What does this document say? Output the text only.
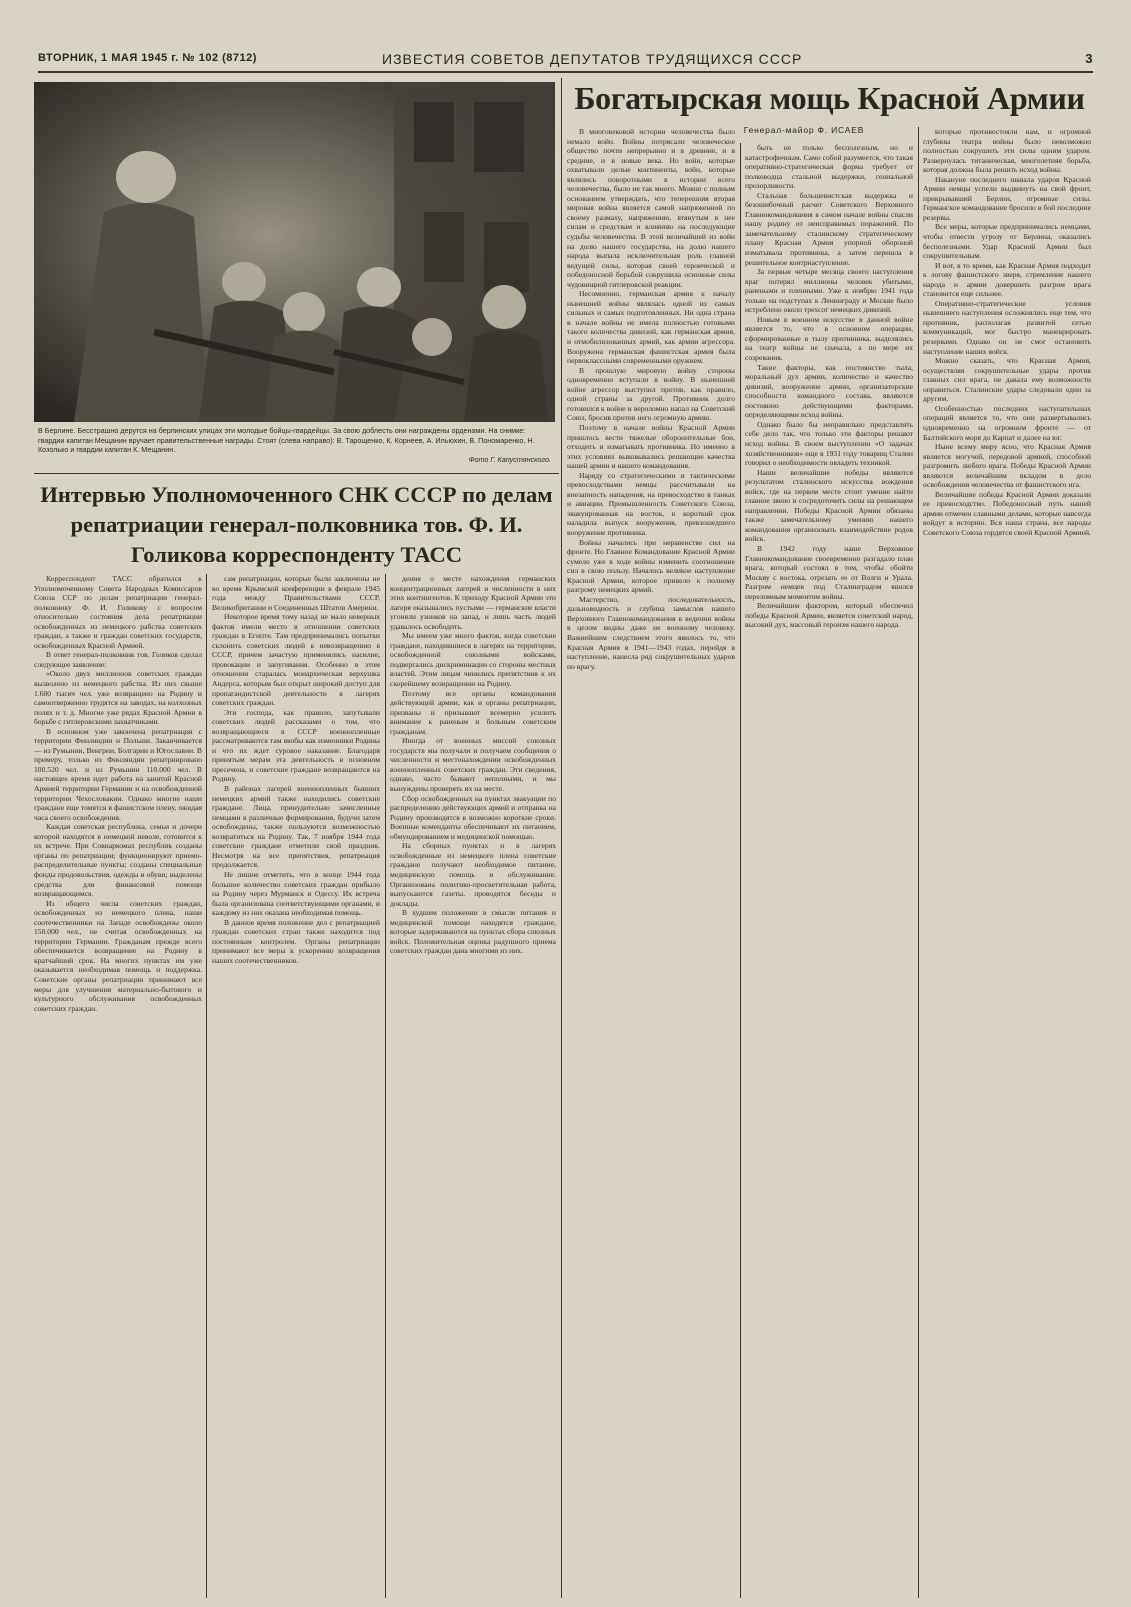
ВТОРНИК, 1 МАЯ 1945 г. № 102 (8712)	ИЗВЕСТИЯ СОВЕТОВ ДЕПУТАТОВ ТРУДЯЩИХСЯ СССР	3
В Берлине. Бесстрашно дерутся на берлинских улицах эти молодые бойцы-гвардейцы. За свою доблесть они награждены орденами. На снимке: гвардии капитан Мещанин вручает правительственные награды. Стоят (слева направо): В. Тарощенко, К. Корнеев, А. Ильюхин, В. Пономаренко, Н. Козолько и гвардии капитан К. Мещанин.
Фото Г. Капустянского.
Интервью Уполномоченного СНК СССР по делам репатриации генерал-полковника тов. Ф. И. Голикова корреспонденту ТАСС

Корреспондент ТАСС обратился к Уполномоченному Совета Народных Комиссаров Союза ССР по делам репатриации генерал-полковнику Ф. И. Голикову с вопросом относительно состояния дела репатриации освобожденных из немецкого рабства советских граждан, а также и граждан советских государств, освобожденных Красной Армией.

В ответ генерал-полковник тов. Голиков сделал следующее заявление:

«Около двух миллионов советских граждан вызволено из немецкого рабства. Из них свыше 1.600 тысяч чел. уже возвращено на Родину и самоотверженно трудятся на заводах, на колхозных полях и т. д. Многие уже рядах Красной Армии в борьбе с гитлеровскими захватчиками.

В основном уже закончена репатриация с территории Финляндии и Польши. Заканчивается — из Румынии, Венгрии, Болгарии и Югославии. В примеру, только из Финляндии репатриировано 100.520 чел. и из Румынии 110.000 чел. В настоящее время идет работа на занятой Красной Армией территории Германии и на освобожденной территории Чехословакии. Однако многие наши граждане еще томятся в фашистском плену, ожидая часа своего освобождения.

Каждая советская республика, семьи и дочери которой находятся в немецкой неволе, готовится к их встрече. При Совнаркомах республик созданы органы по репатриации; функционируют приемо-распределительные пункты; созданы специальные фонды продовольствия, одежды и обуви; выделены средства для финансовой помощи возвращающимся.

Из общего числа советских граждан, освобожденных из немецкого плена, наши соотечественники на Западе освобождены около 150.000 чел., не считая освобожденных на территории Германии. Гражданам прежде всего обеспечивается возвращение на Родину в кратчайший срок. На многих пунктах им уже оказывается необходимая помощь и поддержка. Советские органы репатриации принимают все меры для улучшения материально-бытового и культурного обслуживания освобожденных советских граждан.

сам репатриации, которые были заключены не во время Крымской конференции в феврале 1945 года между Правительствами СССР, Великобритании и Соединенных Штатов Америки.

Некоторое время тому назад не мало неверных фактов имели место в отношении советских граждан в Египте. Там предпринимались попытки склонить советских людей к невозвращению в СССР, причем зачастую применялись насилие, провокации и запугивания. Особенно в этом отношении старалась монархическая верхушка Андерса, которым был открыт широкий доступ для пропагандистской деятельности в лагерях советских граждан.

Эти господа, как правило, запутывали советских людей рассказами о том, что возвращающиеся в СССР военнопленные рассматриваются там якобы как изменники Родины и что их ждет суровое наказание. Благодаря принятым мерам эта деятельность в основном пресечена, и советские граждане возвращаются на Родину.

В районах лагерей военнопленных бывших немецких армий также находились советские граждане. Лица, принудительно зачисленные немцами в различные формирования, будучи затем освобождены, также пользуются возможностью возвратиться на Родину. Так, 7 ноября 1944 года советские граждане отметили свой праздник. Несмотря на все препятствия, репатриация продолжается.

Не лишне отметить, что в конце 1944 года большое количество советских граждан прибыло на Родину через Мурманск и Одессу. Их встреча была организована соответствующими органами, и каждому из них оказана необходимая помощь.

В данное время положение дел с репатриацией граждан советских стран также находится под постоянным контролем. Органы репатриации принимают все меры к ускорению возвращения наших соотечественников.

дения о месте нахождения германских концентрационных лагерей и численности в них этих контингентов. К приходу Красной Армии эти лагеря оказывались пустыми — германские власти угоняли узников на запад, и лишь часть людей удавалось освободить.

Мы имеем уже много фактов, когда советские граждане, находившиеся в лагерях на территории, освобожденной союзными войсками, подвергались дискриминации со стороны местных властей. Этим лицам чинились препятствия к их скорейшему возвращению на Родину.

Поэтому все органы командования действующей армии, как и органы репатриации, призваны и призывают всемерно усилить внимание к раненым и больным советским гражданам.

Иногда от военных миссий союзных государств мы получали и получаем сообщения о численности и местонахождении освобожденных военнопленных советских граждан. Эти сведения, однако, часто бывают неполными, и мы вынуждены проверять их на месте.

Сбор освобожденных на пунктах эвакуации по распределению действующих армий и отправка на Родину производятся в возможно короткие сроки. Военные коменданты обеспечивают их питанием, обмундированием и медицинской помощью.

На сборных пунктах и в лагерях освобожденные из немецкого плена советские граждане получают необходимое питание, медицинскую помощь и обслуживание. Организована политико-просветительная работа, выпускаются газеты, проводятся беседы и доклады.

В худшем положении в смысле питания и медицинской помощи находятся граждане, которые задерживаются на пунктах сбора союзных войск. Положительная оценка радушного приема советских граждан дана многими из них.

Богатырская мощь Красной Армии
Генерал-майор Ф. ИСАЕВ

В многовековой истории человечества было немало войн. Войны потрясали человеческое общество почти непрерывно и в древние, и в средние, и в новые века. Но войн, которые охватывали целые континенты, войн, которые являлись поворотными в истории всего человечества, было не так много. Можно с полным основанием утверждать, что теперешняя вторая мировая война является самой напряженной по своему размаху, напряжению, втянутым в нее силам и средствам и влиянию на последующие судьбы человечества. В этой величайшей из войн на долю нашего государства, на долю нашего народа выпала исключительная роль главной ведущей силы, которая своей героической и победоносной борьбой сокрушила основные силы чудовищной гитлеровской реакции.

Несомненно, германская армия к началу нынешней войны являлась одной из самых сильных и самых подготовленных. Ни одна страна в начале войны не имела полностью готовыми такого количества дивизий, как германская армия, и отмобилизованных армий, как армии агрессора. Вооружена германская фашистская армия была первоклассными современными оружием.

В прошлую мировую войну стороны одновременно вступали в войну. В нынешней войне агрессор выступил против, как правило, одной страны за другой. Противник долго готовился к войне и вероломно напал на Советский Союз, бросив против него огромную армию.

Поэтому в начале войны Красной Армии пришлось вести тяжелые оборонительные бои, отходить и изматывать противника. Но именно в этих условиях выковывались решающие качества нашей армии и нашего командования.

Наряду со стратегическими и тактическими превосходствами немцы рассчитывали на внезапность нападения, на превосходство в танках и авиации. Промышленность Советского Союза, эвакуированная на восток, в короткий срок наладила выпуск вооружения, превзошедшего вооружение противника.

Войны начались при неравенстве сил на фронте. Но Главное Командование Красной Армии сумело уже в ходе войны изменить соотношение сил в свою пользу. Началось великое наступление Красной Армии, которое привело к полному разгрому немецких армий.

Мастерство, последовательность, дальновидность и глубина замыслов нашего Верховного Главнокомандования в ведении войны в целом видны даже не военному человеку. Важнейшим следствием этого явилось то, что Красная Армия в 1941—1943 годах, перейдя в наступление, нанесла ряд сокрушительных ударов по врагу.

быть не только бесполезным, но и катастрофичным. Само собой разумеется, что такая оперативно-стратегическая форма требует от полководца стальной выдержки, гениальной прозорливости.

Стальная большевистская выдержка и безошибочный расчет Советского Верховного Главнокомандования в самом начале войны спасли нашу родину от неисправимых поражений. По замечательному сталинскому стратегическому плану Красная Армия упорной обороной изматывала противника, а затем перешла в решительное контрнаступление.

За первые четыре месяца своего наступления враг потерял миллионы человек убитыми, ранеными и пленными. Уже к ноябрю 1941 года только на подступах к Ленинграду и Москве было истреблено около трехсот немецких дивизий.

Новым в военном искусстве в данной войне является то, что в основном операции, сформированные в тылу противника, выделялись на театр войны не сначала, а по мере их созревания.

Такие факторы, как постоянство тыла, моральный дух армии, количество и качество дивизий, вооружение армии, организаторские способности командного состава, являются постоянно действующими факторами, определяющими исход войны.

Однако было бы неправильно представлять себе дело так, что только эти факторы решают исход войны. В своем выступлении «О задачах хозяйственников» еще в 1931 году товарищ Сталин говорил о необходимости овладеть техникой.

Наши величайшие победы являются результатом сталинского искусства вождения войск, где на первом месте стоит умение найти главное звено и сосредоточить силы на решающем направлении. Победы Красной Армии обязаны также замечательному умению нашего командования организовать взаимодействие родов войск.

В 1942 году наше Верховное Главнокомандование своевременно разгадало план врага, который состоял в том, чтобы обойти Москву с востока, отрезать ее от Волги и Урала. Разгром немцев под Сталинградом явился переломным моментом войны.

Величайшим фактором, который обеспечил победы Красной Армии, является советский народ, высокий дух, массовый героизм нашего народа.

которые противостояли нам, и огромной глубины театра войны было невозможно полностью сокрушить эти силы одним ударом. Развернулась титаническая, многолетняя борьба, которая должна была решить исход войны.

Накануне последнего шквала ударов Красной Армии немцы успели выдвинуть на свой фронт, прикрывавший Берлин, огромные силы. Германское командование бросило в бой последние резервы.

Все меры, которые предпринимались немцами, чтобы отвести угрозу от Берлина, оказались бесполезными. Удар Красной Армии был сокрушительным.

И вот, в то время, как Красная Армия подходит к логову фашистского зверя, стремление нашего народа и армии довершить разгром врага становится еще сильнее.

Оперативно-стратегические условия нынешнего наступления осложнялись еще тем, что противник, располагая развитой сетью коммуникаций, мог быстро маневрировать резервами. Однако он не смог остановить наступление наших войск.

Можно сказать, что Красная Армия, осуществляя сокрушительные удары против главных сил врага, не давала ему возможности оправиться. Сталинские удары следовали один за другим.

Особенностью последних наступательных операций является то, что они развертывались одновременно на огромном фронте — от Балтийского моря до Карпат и далее на юг.

Ныне всему миру ясно, что Красная Армия является могучей, передовой армией, способной разгромить любого врага. Победы Красной Армии являются величайшим вкладом в дело освобождения человечества от фашистского ига.

Величайшие победы Красной Армии доказали ее превосходство. Победоносный путь нашей армии отмечен славными делами, которые навсегда войдут в историю. Вся наша страна, все народы Советского Союза гордятся своей Красной Армией.
